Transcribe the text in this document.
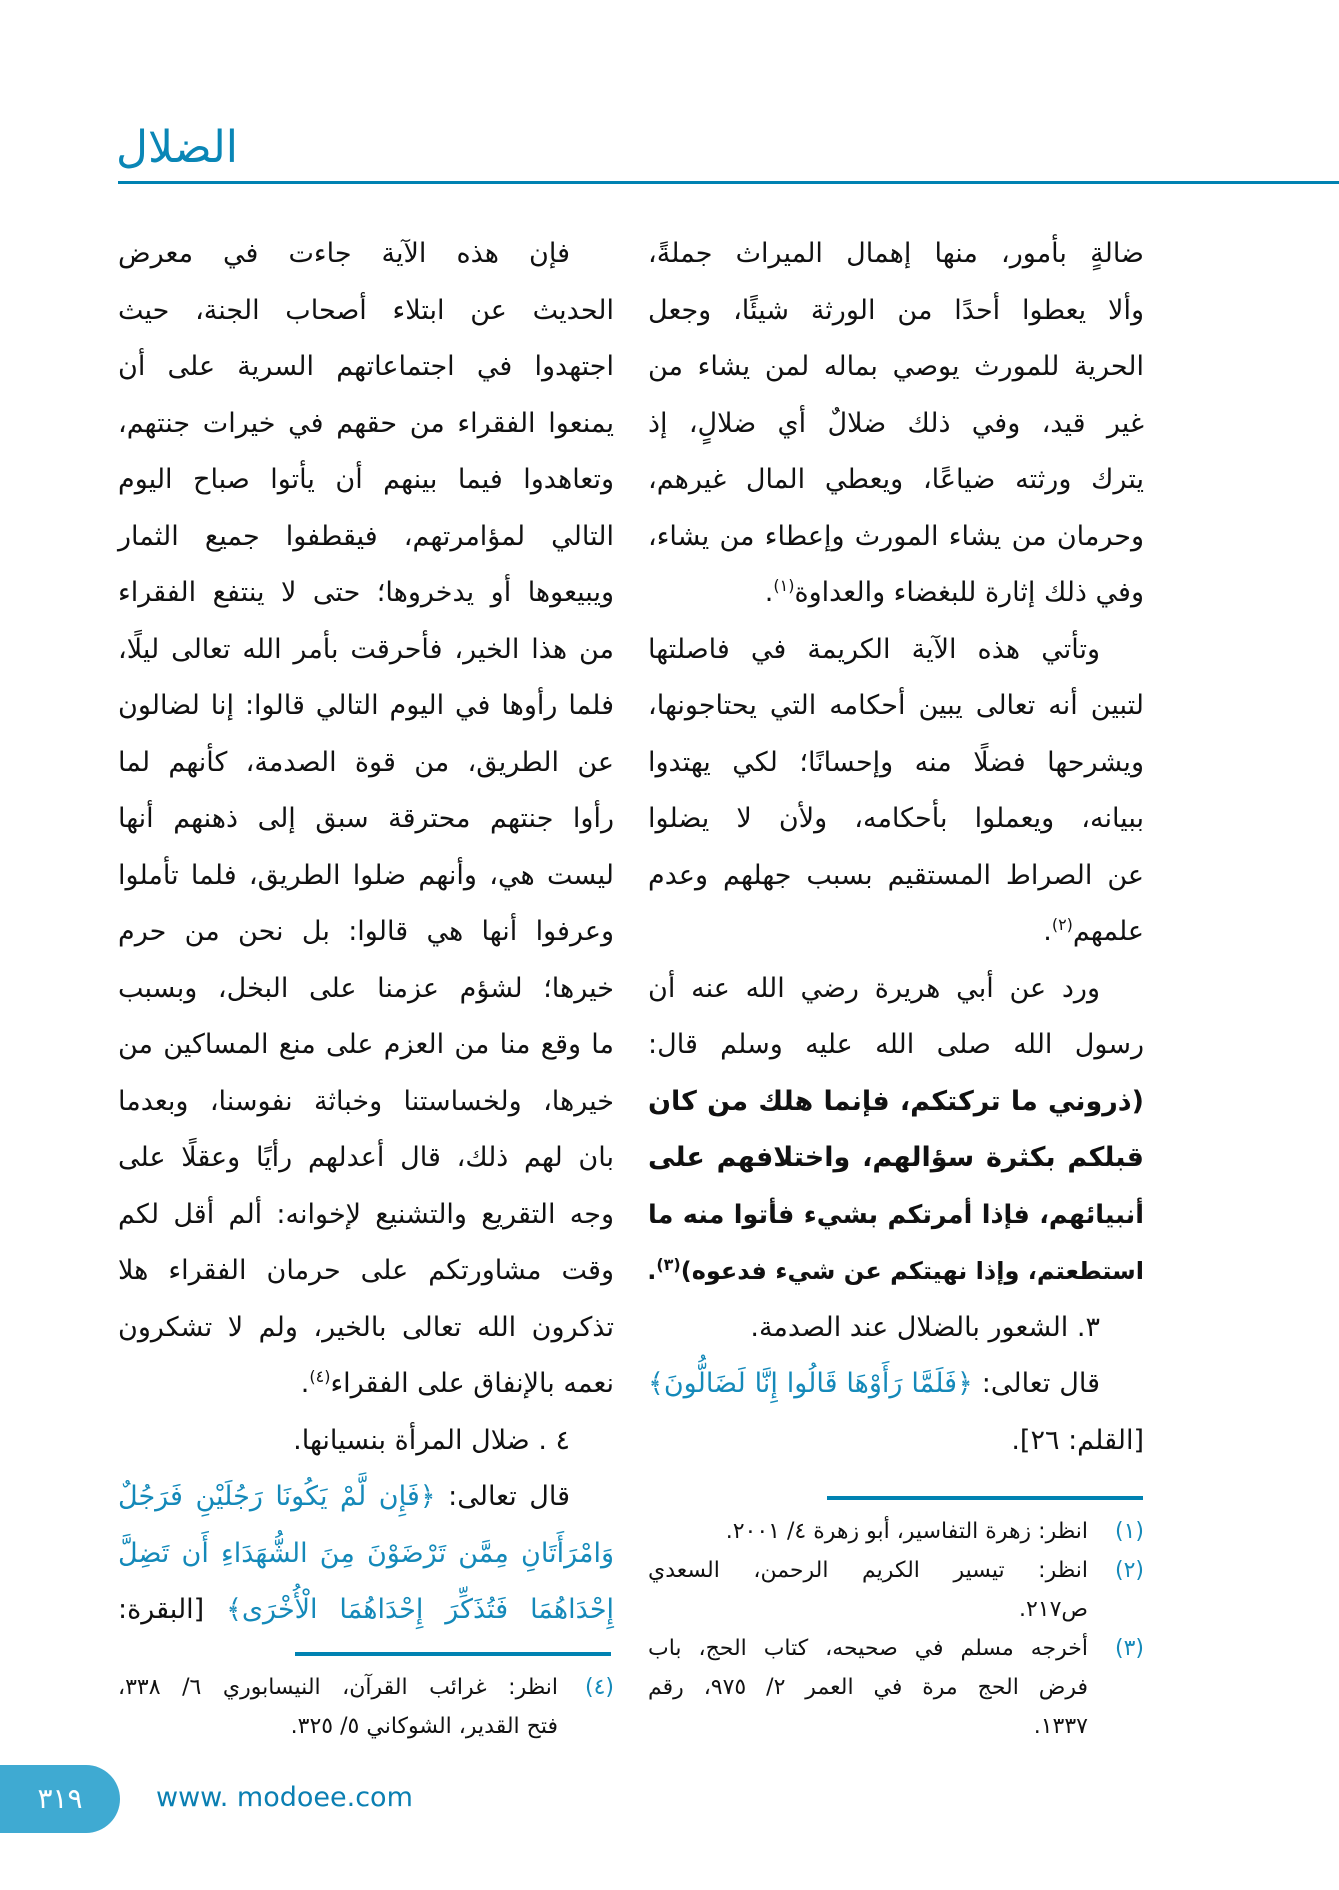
الضلال
ضالةٍ بأمور، منها إهمال الميراث جملةً،
وألا يعطوا أحدًا من الورثة شيئًا، وجعل
الحرية للمورث يوصي بماله لمن يشاء من
غير قيد، وفي ذلك ضلالٌ أي ضلالٍ، إذ
يترك ورثته ضياعًا، ويعطي المال غيرهم،
وحرمان من يشاء المورث وإعطاء من يشاء،
وفي ذلك إثارة للبغضاء والعداوة$^{(١)}$.
وتأتي هذه الآية الكريمة في فاصلتها
لتبين أنه تعالى يبين أحكامه التي يحتاجونها،
ويشرحها فضلًا منه وإحسانًا؛ لكي يهتدوا
ببيانه، ويعملوا بأحكامه، ولأن لا يضلوا
عن الصراط المستقيم بسبب جهلهم وعدم
علمهم$^{(٢)}$.
ورد عن أبي هريرة رضي الله عنه أن
رسول الله صلى الله عليه وسلم قال:
(ذروني ما تركتكم، فإنما هلك من كان
قبلكم بكثرة سؤالهم، واختلافهم على
أنبيائهم، فإذا أمرتكم بشيء فأتوا منه ما
استطعتم، وإذا نهيتكم عن شيء فدعوه)$^{(٣)}$.
٣. الشعور بالضلال عند الصدمة.
قال تعالى: ﴿فَلَمَّا رَأَوْهَا قَالُوا إِنَّا لَضَالُّونَ﴾
[القلم: ٢٦].
فإن هذه الآية جاءت في معرض
الحديث عن ابتلاء أصحاب الجنة، حيث
اجتهدوا في اجتماعاتهم السرية على أن
يمنعوا الفقراء من حقهم في خيرات جنتهم،
وتعاهدوا فيما بينهم أن يأتوا صباح اليوم
التالي لمؤامرتهم، فيقطفوا جميع الثمار
ويبيعوها أو يدخروها؛ حتى لا ينتفع الفقراء
من هذا الخير، فأحرقت بأمر الله تعالى ليلًا،
فلما رأوها في اليوم التالي قالوا: إنا لضالون
عن الطريق، من قوة الصدمة، كأنهم لما
رأوا جنتهم محترقة سبق إلى ذهنهم أنها
ليست هي، وأنهم ضلوا الطريق، فلما تأملوا
وعرفوا أنها هي قالوا: بل نحن من حرم
خيرها؛ لشؤم عزمنا على البخل، وبسبب
ما وقع منا من العزم على منع المساكين من
خيرها، ولخساستنا وخباثة نفوسنا، وبعدما
بان لهم ذلك، قال أعدلهم رأيًا وعقلًا على
وجه التقريع والتشنيع لإخوانه: ألم أقل لكم
وقت مشاورتكم على حرمان الفقراء هلا
تذكرون الله تعالى بالخير، ولم لا تشكرون
نعمه بالإنفاق على الفقراء$^{(٤)}$.
٤ . ضلال المرأة بنسيانها.
قال تعالى: ﴿فَإِن لَّمْ يَكُونَا رَجُلَيْنِ فَرَجُلٌ
وَامْرَأَتَانِ مِمَّن تَرْضَوْنَ مِنَ الشُّهَدَاءِ أَن تَضِلَّ
إِحْدَاهُمَا فَتُذَكِّرَ إِحْدَاهُمَا الْأُخْرَى﴾ [البقرة:
(١)انظر: زهرة التفاسير، أبو زهرة ٤/ ٢٠٠١.
(٢)انظر: تيسير الكريم الرحمن، السعدي
ص٢١٧.
(٣)أخرجه مسلم في صحيحه، كتاب الحج، باب
فرض الحج مرة في العمر ٢/ ٩٧٥، رقم
١٣٣٧.
(٤)انظر: غرائب القرآن، النيسابوري ٦/ ٣٣٨،
فتح القدير، الشوكاني ٥/ ٣٢٥.
٣١٩	www. modoee.com
